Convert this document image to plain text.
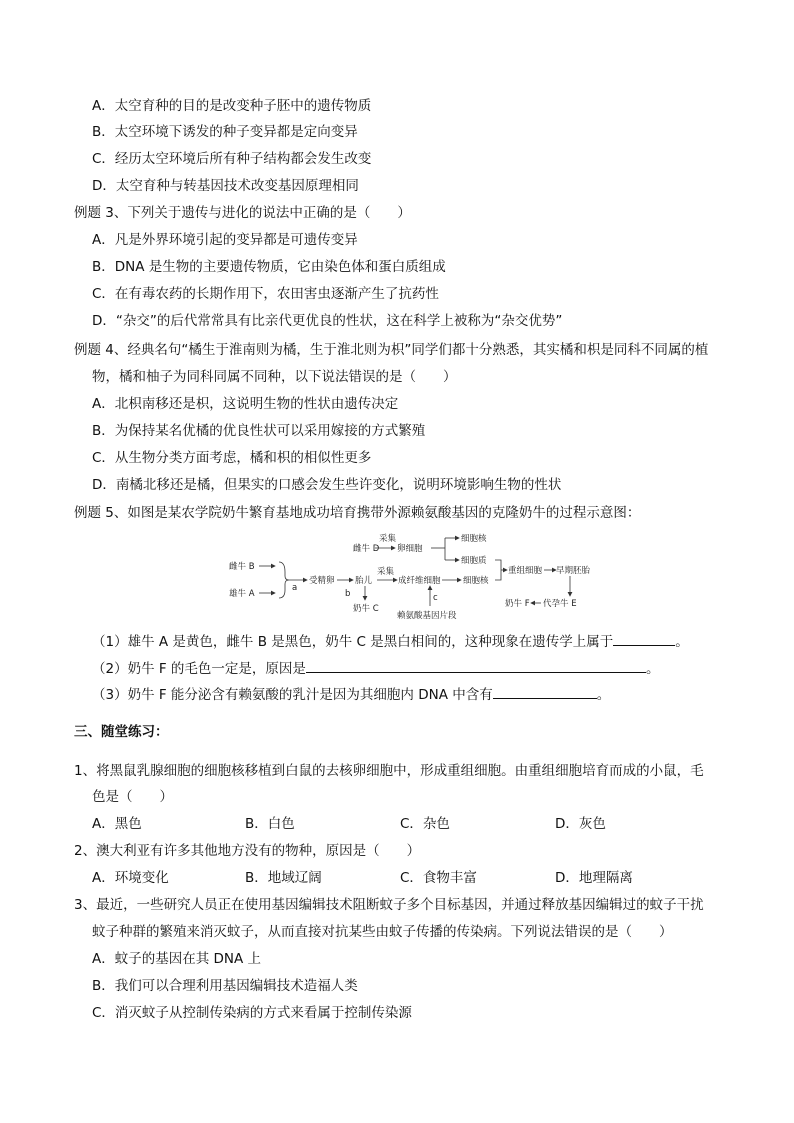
A．太空育种的目的是改变种子胚中的遗传物质
B．太空环境下诱发的种子变异都是定向变异
C．经历太空环境后所有种子结构都会发生改变
D．太空育种与转基因技术改变基因原理相同
例题 3、下列关于遗传与进化的说法中正确的是（　　）
A．凡是外界环境引起的变异都是可遗传变异
B．DNA 是生物的主要遗传物质，它由染色体和蛋白质组成
C．在有毒农药的长期作用下，农田害虫逐渐产生了抗药性
D．“杂交”的后代常常具有比亲代更优良的性状，这在科学上被称为“杂交优势”
例题 4、经典名句“橘生于淮南则为橘，生于淮北则为枳”同学们都十分熟悉，其实橘和枳是同科不同属的植
物，橘和柚子为同科同属不同种，以下说法错误的是（　　）
A．北枳南移还是枳，这说明生物的性状由遗传决定
B．为保持某名优橘的优良性状可以采用嫁接的方式繁殖
C．从生物分类方面考虑，橘和枳的相似性更多
D．南橘北移还是橘，但果实的口感会发生些许变化，说明环境影响生物的性状
例题 5、如图是某农学院奶牛繁育基地成功培育携带外源赖氨酸基因的克隆奶牛的过程示意图：
雌牛 B
雄牛 A
a
受精卵
b
胎儿
奶牛 C
采集
成纤维细胞
c
赖氨酸基因片段
细胞核
采集
雌牛 D 卵细胞
细胞核
细胞质
重组细胞 早期胚胎
代孕牛 E
奶牛 F
（1）雄牛 A 是黄色，雌牛 B 是黑色，奶牛 C 是黑白相间的，这种现象在遗传学上属于	。
（2）奶牛 F 的毛色一定是，原因是	。
（3）奶牛 F 能分泌含有赖氨酸的乳汁是因为其细胞内 DNA 中含有	。
三、随堂练习：
1、将黑鼠乳腺细胞的细胞核移植到白鼠的去核卵细胞中，形成重组细胞。由重组细胞培育而成的小鼠，毛
色是（　　）
A．黑色	B．白色	C．杂色	D．灰色
2、澳大利亚有许多其他地方没有的物种，原因是（　　）
A．环境变化	B．地域辽阔	C．食物丰富	D．地理隔离
3、最近，一些研究人员正在使用基因编辑技术阻断蚊子多个目标基因，并通过释放基因编辑过的蚊子干扰
蚊子种群的繁殖来消灭蚊子，从而直接对抗某些由蚊子传播的传染病。下列说法错误的是（　　）
A．蚊子的基因在其 DNA 上
B．我们可以合理利用基因编辑技术造福人类
C．消灭蚊子从控制传染病的方式来看属于控制传染源
